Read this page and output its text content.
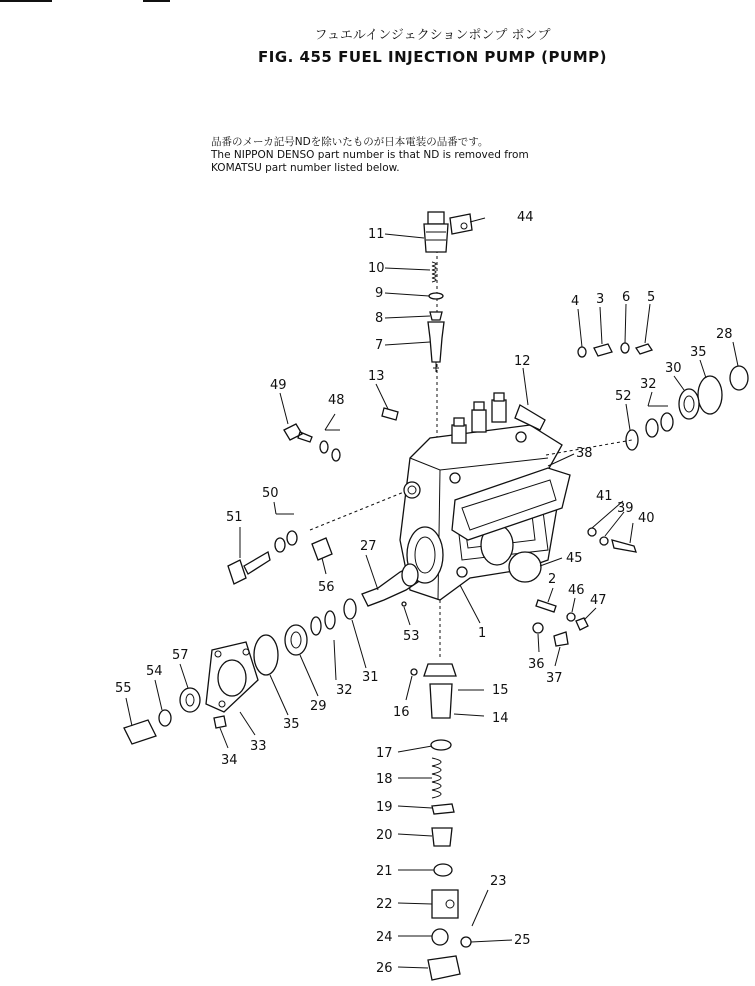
フュエルインジェクションポンプ ポンプ
FIG. 455 FUEL INJECTION PUMP (PUMP)
品番のメーカ記号NDを除いたものが日本電装の品番です。
The NIPPON DENSO part number is that ND is removed from
KOMATSU part number listed below.
11
44
10
9
8
7
4 3 6 5
28
12
35
32
30
52
13
49
48
38
50	41
39
40
51
27
45
2
56	46
47
1
53
57
36
54	31	37
55	32	15
29	16	14
35
33	17
34
18
19
20
21
23
22
24	25
26
